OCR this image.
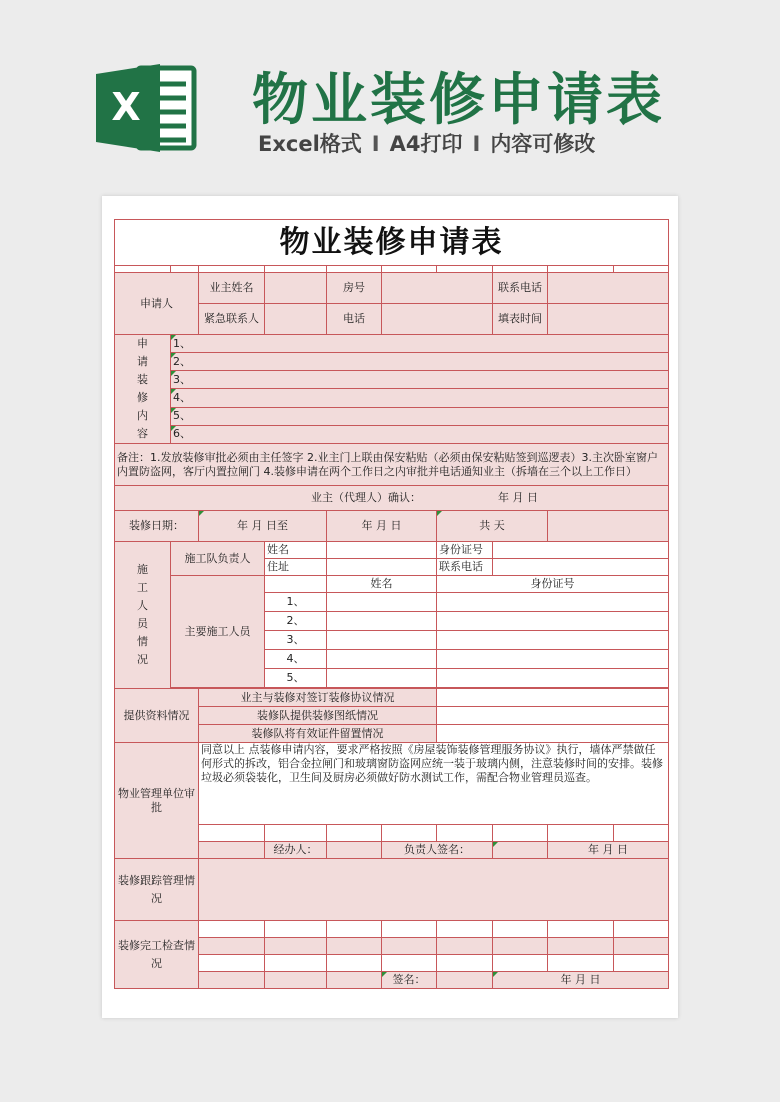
X 物业装修申请表
Excel格式 I A4打印 I 内容可修改
物业装修申请表									

申请人		业主姓名		房号			联系电话		
		紧急联系人		电话			填表时间		
申请装修内容	1、								
	2、								
	3、								
	4、								
	5、								
	6、								
备注：1.发放装修审批必须由主任签字 2.业主门上联由保安粘贴（必须由保安粘贴签到巡逻表）3.主次卧室窗户内置防盗网，客厅内置拉闸门 4.装修申请在两个工作日之内审批并电话通知业主（拆墙在三个以上工作日）									
业主（代理人）确认： 年 月 日									
装修日期：		年 月 日至		年 月 日		共 天			
施工人员情况	施工队负责人		姓名			身份证号			
			住址			联系电话			
	主要施工人员			姓名		身份证号			
			1、						
			2、						
			3、						
			4、						
			5、						

提供资料情况		业主与装修对签订装修协议情况							
		装修队提供装修图纸情况							
		装修队将有效证件留置情况							
物业管理单位审批		同意以上 点装修申请内容，要求严格按照《房屋装饰装修管理服务协议》执行，墙体严禁做任何形式的拆改，铝合金拉闸门和玻璃窗防盗网应统一装于玻璃内侧，注意装修时间的安排。装修垃圾必须袋装化，卫生间及厨房必须做好防水测试工作，需配合物业管理员巡查。							

			经办人：		负责人签名：			年 月 日	
装修跟踪管理情况									
装修完工检查情况									

					签名：		年 月 日		
